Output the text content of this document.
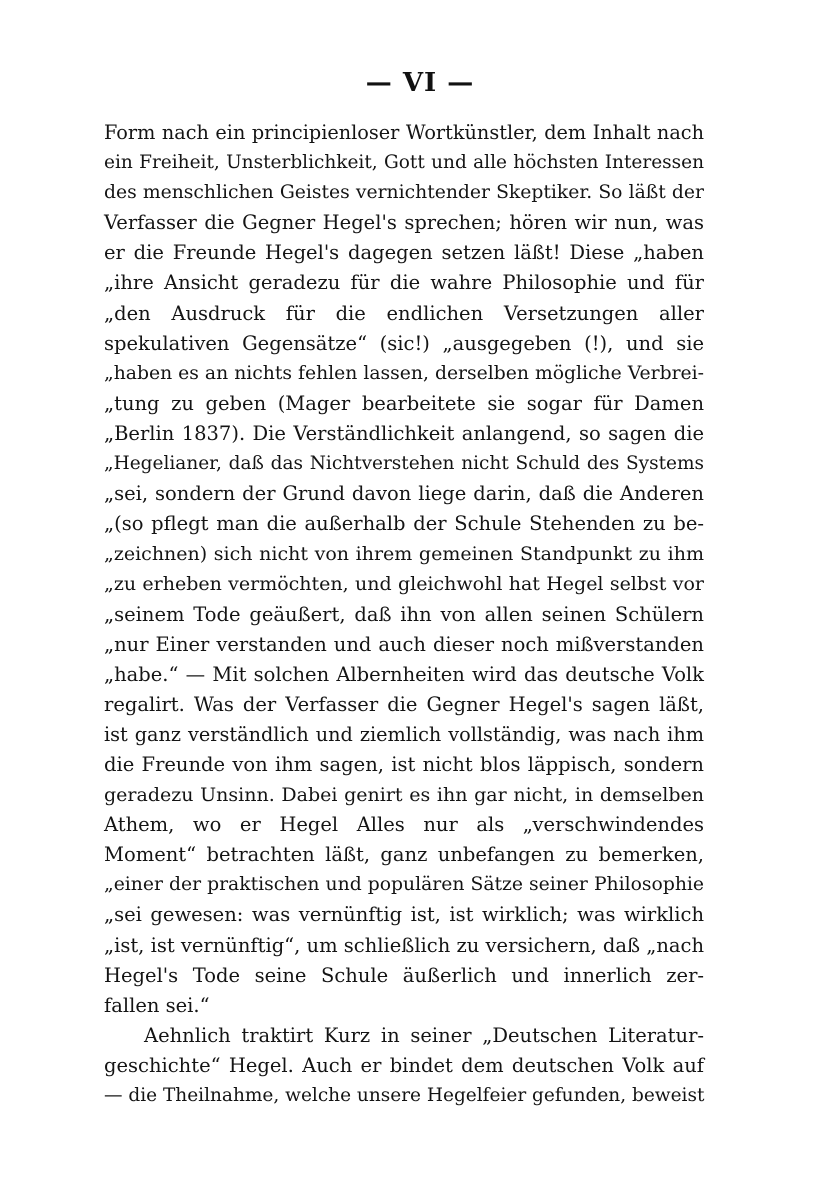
— VI —
Form nach ein principienloser Wortkünstler, dem Inhalt nach
ein Freiheit, Unsterblichkeit, Gott und alle höchsten Interessen
des menschlichen Geistes vernichtender Skeptiker. So läßt der
Verfasser die Gegner Hegel's sprechen; hören wir nun, was
er die Freunde Hegel's dagegen setzen läßt! Diese „haben
„ihre Ansicht geradezu für die wahre Philosophie und für
„den Ausdruck für die endlichen Versetzungen aller
spekulativen Gegensätze“ (sic!) „ausgegeben (!), und sie
„haben es an nichts fehlen lassen, derselben mögliche Verbrei-
„tung zu geben (Mager bearbeitete sie sogar für Damen
„Berlin 1837). Die Verständlichkeit anlangend, so sagen die
„Hegelianer, daß das Nichtverstehen nicht Schuld des Systems
„sei, sondern der Grund davon liege darin, daß die Anderen
„(so pflegt man die außerhalb der Schule Stehenden zu be-
„zeichnen) sich nicht von ihrem gemeinen Standpunkt zu ihm
„zu erheben vermöchten, und gleichwohl hat Hegel selbst vor
„seinem Tode geäußert, daß ihn von allen seinen Schülern
„nur Einer verstanden und auch dieser noch mißverstanden
„habe.“ — Mit solchen Albernheiten wird das deutsche Volk
regalirt. Was der Verfasser die Gegner Hegel's sagen läßt,
ist ganz verständlich und ziemlich vollständig, was nach ihm
die Freunde von ihm sagen, ist nicht blos läppisch, sondern
geradezu Unsinn. Dabei genirt es ihn gar nicht, in demselben
Athem, wo er Hegel Alles nur als „verschwindendes
Moment“ betrachten läßt, ganz unbefangen zu bemerken,
„einer der praktischen und populären Sätze seiner Philosophie
„sei gewesen: was vernünftig ist, ist wirklich; was wirklich
„ist, ist vernünftig“, um schließlich zu versichern, daß „nach
Hegel's Tode seine Schule äußerlich und innerlich zer-
fallen sei.“
Aehnlich traktirt Kurz in seiner „Deutschen Literatur-
geschichte“ Hegel. Auch er bindet dem deutschen Volk auf
— die Theilnahme, welche unsere Hegelfeier gefunden, beweist
